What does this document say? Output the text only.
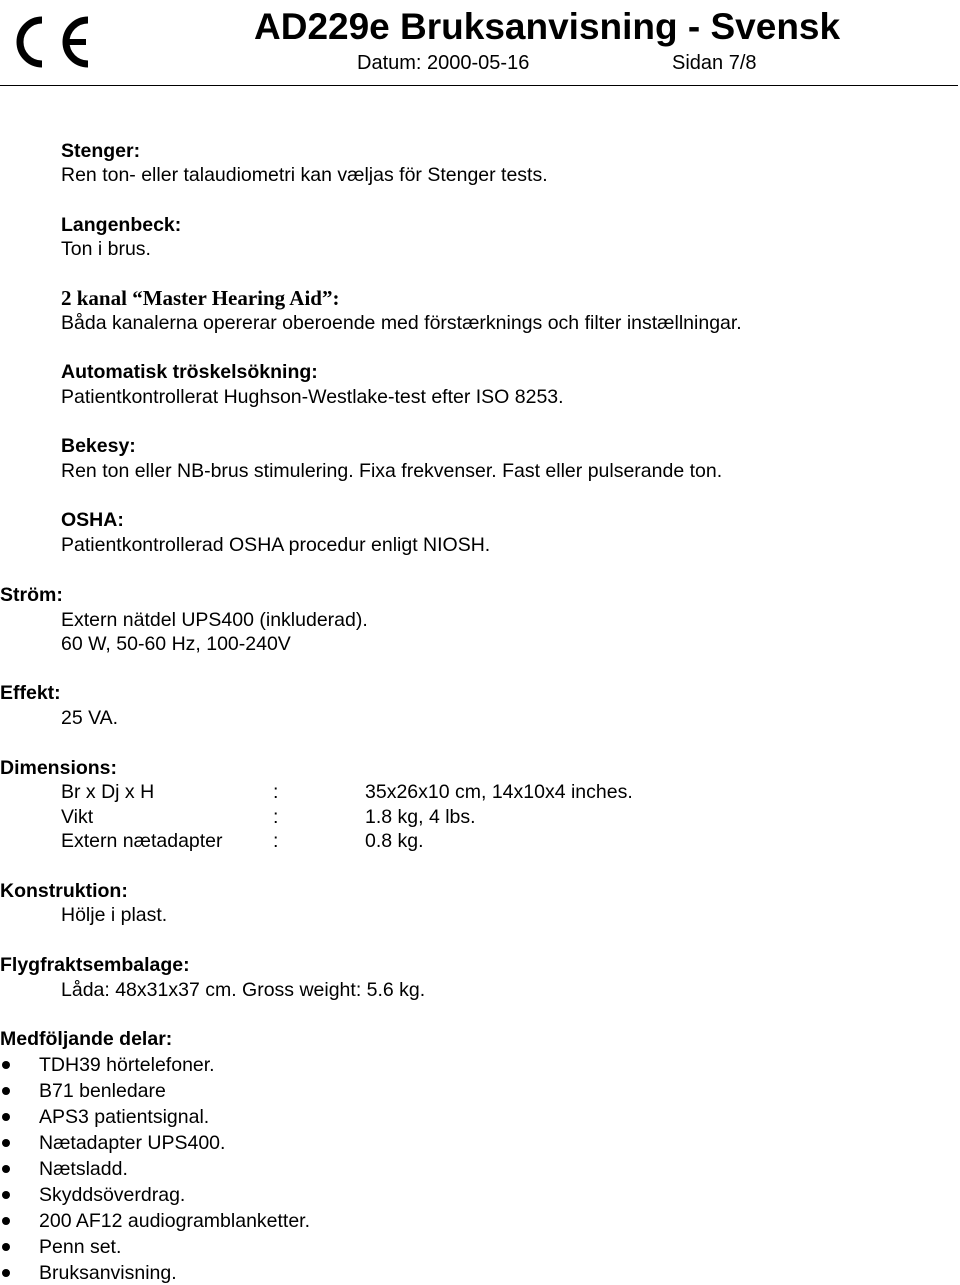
AD229e Bruksanvisning - Svensk
Datum: 2000-05-16	Sidan 7/8
Stenger:
Ren ton- eller talaudiometri kan væljas för Stenger tests.
Langenbeck:
Ton i brus.
2 kanal “Master Hearing Aid”:
Båda kanalerna opererar oberoende med förstærknings och filter instællningar.
Automatisk tröskelsökning:
Patientkontrollerat Hughson-Westlake-test efter ISO 8253.
Bekesy:
Ren ton eller NB-brus stimulering. Fixa frekvenser. Fast eller pulserande ton.
OSHA:
Patientkontrollerad OSHA procedur enligt NIOSH.
Ström:
Extern nätdel UPS400 (inkluderad).
60 W, 50-60 Hz, 100-240V
Effekt:
25 VA.
Dimensions:
Br x Dj x H	:	35x26x10 cm, 14x10x4 inches.
Vikt	:	1.8 kg, 4 lbs.
Extern nætadapter	:	0.8 kg.
Konstruktion:
Hölje i plast.
Flygfraktsembalage:
Låda: 48x31x37 cm. Gross weight: 5.6 kg.
Medföljande delar:
TDH39 hörtelefoner.
B71 benledare
APS3 patientsignal.
Nætadapter UPS400.
Nætsladd.
Skyddsöverdrag.
200 AF12 audiogramblanketter.
Penn set.
Bruksanvisning.
